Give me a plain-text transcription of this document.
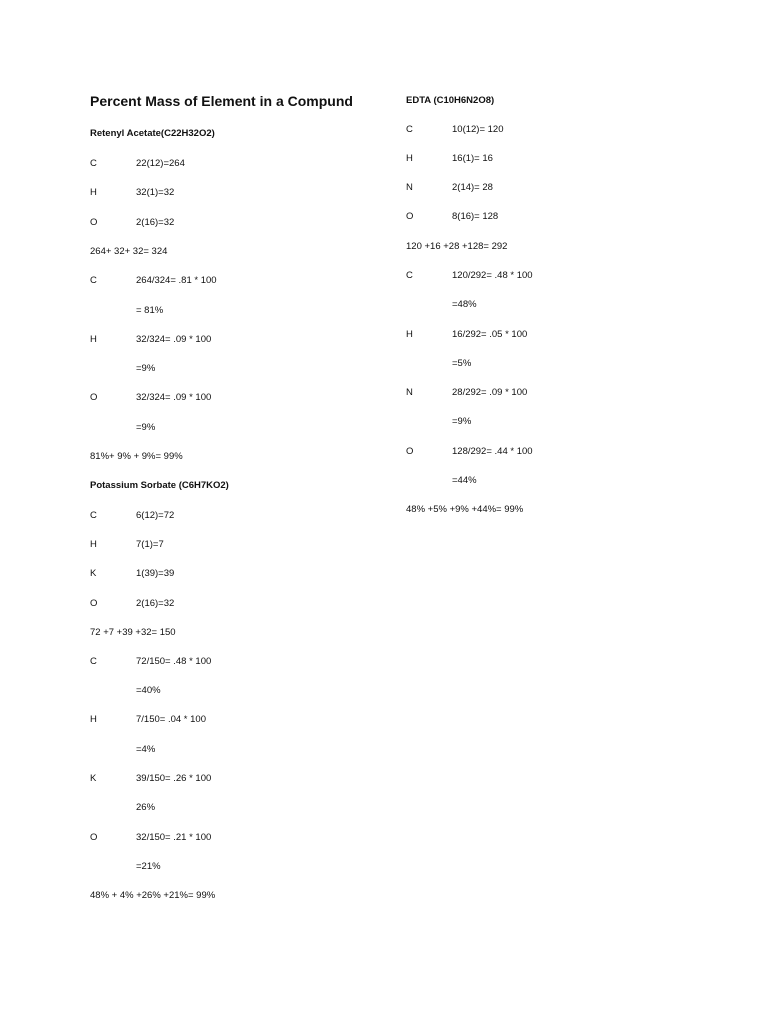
Percent Mass of Element in a Compund
Retenyl Acetate(C22H32O2)
C	22(12)=264
H	32(1)=32
O	2(16)=32
264+ 32+ 32= 324
C	264/324= .81 * 100
= 81%
H	32/324= .09 * 100
=9%
O	32/324= .09 * 100
=9%
81%+ 9% + 9%= 99%
Potassium Sorbate (C6H7KO2)
C	6(12)=72
H	7(1)=7
K	1(39)=39
O	2(16)=32
72 +7 +39 +32= 150
C	72/150= .48 * 100
=40%
H	7/150= .04 * 100
=4%
K	39/150= .26 * 100
26%
O	32/150= .21 * 100
=21%
48% + 4% +26% +21%= 99%
EDTA (C10H6N2O8)
C	10(12)= 120
H	16(1)= 16
N	2(14)= 28
O	8(16)= 128
120 +16 +28 +128= 292
C	120/292= .48 * 100
=48%
H	16/292= .05 * 100
=5%
N	28/292= .09 * 100
=9%
O	128/292= .44 * 100
=44%
48% +5% +9% +44%= 99%
